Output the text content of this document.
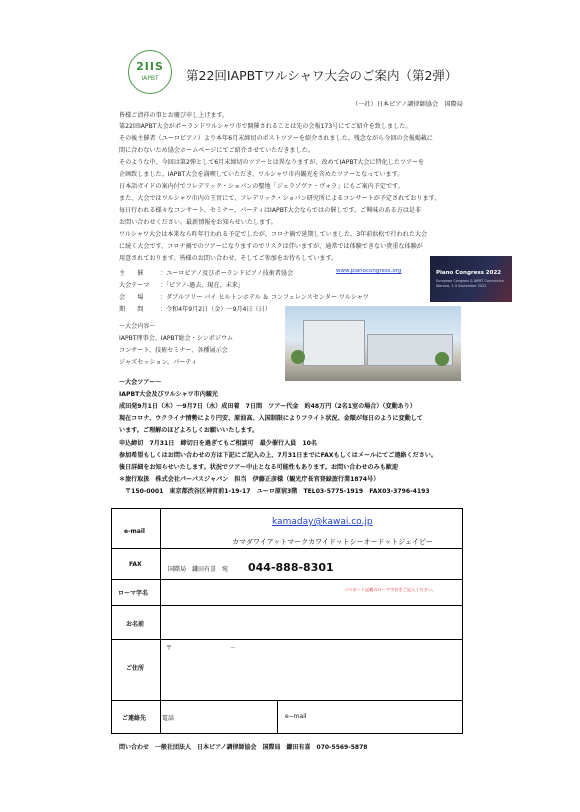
2IIS
IAPBT	第22回IAPBTワルシャワ大会のご案内（第2弾）
（一社）日本ピアノ調律師協会　国際局
皆様ご清祥の事とお慶び申し上げます。
第22回IAPBT大会がポーランドワルシャワ市で開催されることは先の会報173号にてご紹介を致しました。
その後主催者（ユーロピアノ）より本年6月末締切のポストツアーを紹介されました。残念ながら今回の会報掲載に
間に合わないため協会ホームページにてご紹介させていただきました。
そのような中、今回は第2弾として6月末締切のツアーとは異なりますが、改めてIAPBT大会に特化したツアーを
企画致しました。IAPBT大会を満喫していただき、ワルシャワ市内観光を含めたツアーとなっています。
日本語ガイドの案内付でフレデリック・ショパンの聖地「ジェラゾヴァ・ヴォラ」にもご案内予定です。
また、大会ではワルシャワ市内の王宮にて、フレデリック・ショパン研究所によるコンサートが予定されております。
毎日行われる様々なコンサート、セミナー、パーティはIAPBT大会ならではの催しです。ご興味のある方は是非
お問い合わせください。最新情報をお知らせいたします。
ワルシャワ大会は本来なら昨年行われる予定でしたが、コロナ禍で延期していました。3年前浜松で行われた大会
に続く大会です。コロナ禍でのツアーになりますのでリスクは伴いますが、通常では体験できない貴重な体験が
用意されております。皆様のお問い合わせ、そしてご参加をお待ちしています。
主　　催	：ユーロピアノ及びポーランドピアノ技術者協会
大会テーマ ：「ピアノ-過去、現在、未来」
会　　場	：ダブルツリー バイ ヒルトンホテル ＆ コンフェレンスセンター ワルシャワ
期　　間	：令和4年9月2日（金）〜9月4日（日）
www.pianocongress.org	Piano Congress 2022
European Congress & IAPBT Convention
Warsaw, 2-4 September 2022
〜大会内容〜
IAPBT理事会、IAPBT総会・シンポジウム
コンサート、技術セミナー、各種展示会
ジャズセッション、パーティ
〜大会ツアー〜
IAPBT大会及びワルシャワ市内観光
成田発9月1日（木）〜9月7日（水）成田着　7日間　ツアー代金　約48万円（2名1室の場合）（変動あり）
現在コロナ、ウクライナ情勢により円安、原油高、入国制限によりフライト状況、金額が毎日のように変動して
います。ご理解のほどよろしくお願いいたします。
申込締切　7月31日　締切日を過ぎてもご相談可　最少催行人員　10名
参加希望もしくはお問い合わせの方は下記にご記入の上、7月31日までにFAXもしくはメールにてご連絡ください。
後日詳細をお知らせいたします。状況でツアー中止となる可能性もあります。お問い合わせのみも歓迎
＊旅行取扱　株式会社パーパスジャパン　担当　伊藤正彦様（観光庁長官登録旅行業1874号）
〒150-0001　東京都渋谷区神宮前1-19-17　ユーロ原宿3階　TEL03-5775-1919　FAX03-3796-4193
e-mail
kamaday@kawai.co.jp
カマダワイアットマークカワイドットシーオードットジェイピー
FAX
国際局　鎌田有喜　宛 044-888-8301
ローマ字名
パスポート記載のローマ字名をご記入ください。
お名前
ご住所
〒	－
ご連絡先	電話	e−mail
問い合わせ　一般社団法人　日本ピアノ調律師協会　国際局　鎌田有喜　070-5569-5878
